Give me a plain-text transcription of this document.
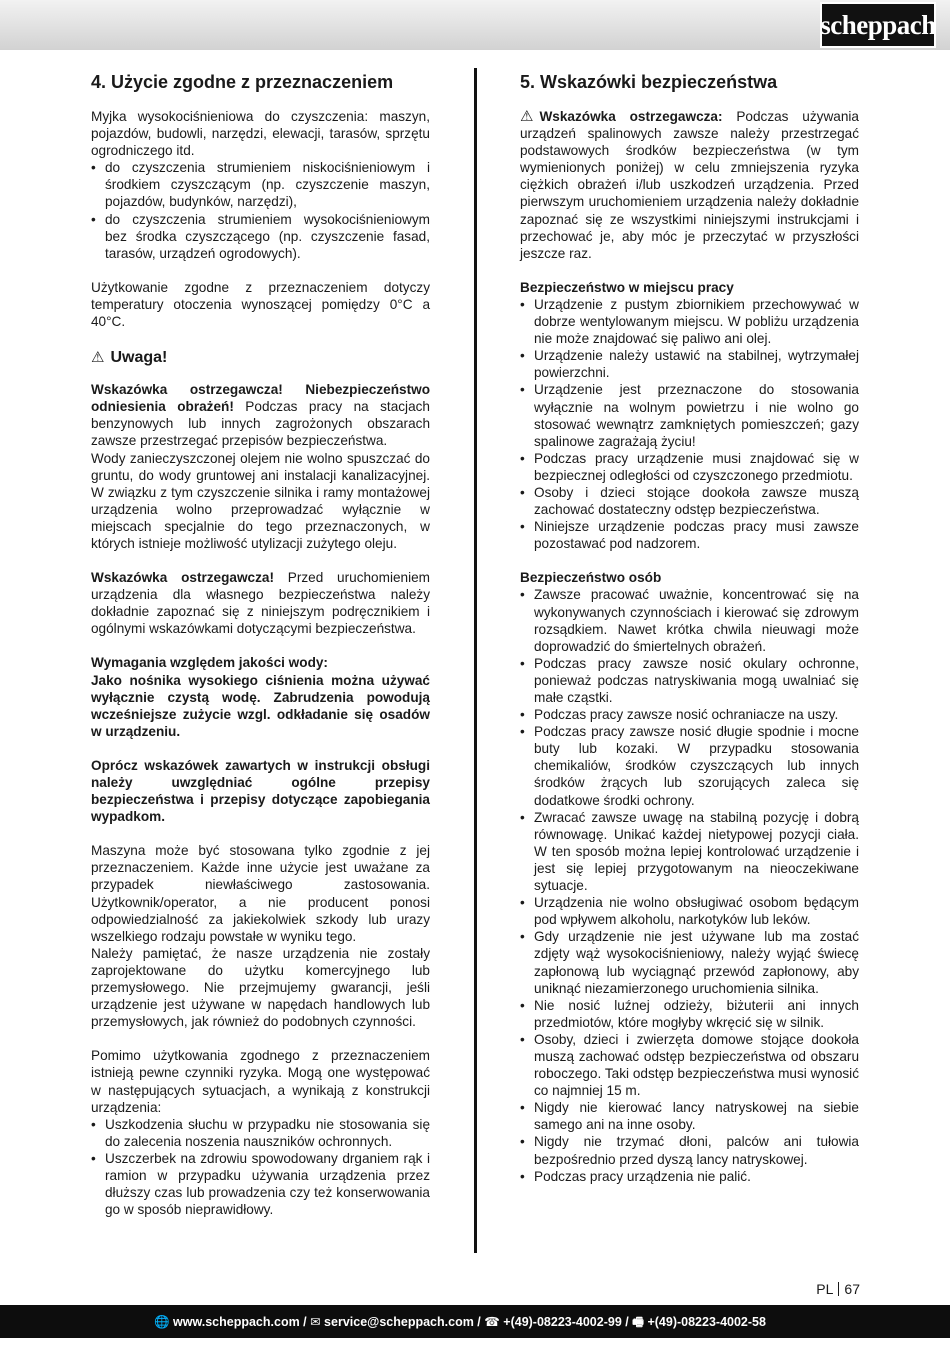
scheppach
4. Użycie zgodne z przeznaczeniem

Myjka wysokociśnieniowa do czyszczenia: maszyn, pojazdów, budowli, narzędzi, elewacji, tarasów, sprzętu ogrodniczego itd.

• do czyszczenia strumieniem niskociśnieniowym i środkiem czyszczącym (np. czyszczenie maszyn, pojazdów, budynków, narzędzi),
• do czyszczenia strumieniem wysokociśnieniowym bez środka czyszczącego (np. czyszczenie fasad, tarasów, urządzeń ogrodowych).

Użytkowanie zgodne z przeznaczeniem dotyczy temperatury otoczenia wynoszącej pomiędzy 0°C a 40°C.

⚠ Uwaga!

Wskazówka ostrzegawcza! Niebezpieczeństwo odniesienia obrażeń! Podczas pracy na stacjach benzynowych lub innych zagrożonych obszarach zawsze przestrzegać przepisów bezpieczeństwa.

Wody zanieczyszczonej olejem nie wolno spuszczać do gruntu, do wody gruntowej ani instalacji kanalizacyjnej. W związku z tym czyszczenie silnika i ramy montażowej urządzenia wolno przeprowadzać wyłącznie w miejscach specjalnie do tego przeznaczonych, w których istnieje możliwość utylizacji zużytego oleju.

Wskazówka ostrzegawcza! Przed uruchomieniem urządzenia dla własnego bezpieczeństwa należy dokładnie zapoznać się z niniejszym podręcznikiem i ogólnymi wskazówkami dotyczącymi bezpieczeństwa.

Wymagania względem jakości wody:

Jako nośnika wysokiego ciśnienia można używać wyłącznie czystą wodę. Zabrudzenia powodują wcześniejsze zużycie wzgl. odkładanie się osadów w urządzeniu.

Oprócz wskazówek zawartych w instrukcji obsługi należy uwzględniać ogólne przepisy bezpieczeństwa i przepisy dotyczące zapobiegania wypadkom.

Maszyna może być stosowana tylko zgodnie z jej przeznaczeniem. Każde inne użycie jest uważane za przypadek niewłaściwego zastosowania. Użytkownik/operator, a nie producent ponosi odpowiedzialność za jakiekolwiek szkody lub urazy wszelkiego rodzaju powstałe w wyniku tego.

Należy pamiętać, że nasze urządzenia nie zostały zaprojektowane do użytku komercyjnego lub przemysłowego. Nie przejmujemy gwarancji, jeśli urządzenie jest używane w napędach handlowych lub przemysłowych, jak również do podobnych czynności.

Pomimo użytkowania zgodnego z przeznaczeniem istnieją pewne czynniki ryzyka. Mogą one występować w następujących sytuacjach, a wynikają z konstrukcji urządzenia:

• Uszkodzenia słuchu w przypadku nie stosowania się do zalecenia noszenia nauszników ochronnych.
• Uszczerbek na zdrowiu spowodowany drganiem rąk i ramion w przypadku używania urządzenia przez dłuższy czas lub prowadzenia czy też konserwowania go w sposób nieprawidłowy.
5. Wskazówki bezpieczeństwa

⚠ Wskazówka ostrzegawcza: Podczas używania urządzeń spalinowych zawsze należy przestrzegać podstawowych środków bezpieczeństwa (w tym wymienionych poniżej) w celu zmniejszenia ryzyka ciężkich obrażeń i/lub uszkodzeń urządzenia. Przed pierwszym uruchomieniem urządzenia należy dokładnie zapoznać się ze wszystkimi niniejszymi instrukcjami i przechować je, aby móc je przeczytać w przyszłości jeszcze raz.

Bezpieczeństwo w miejscu pracy

• Urządzenie z pustym zbiornikiem przechowywać w dobrze wentylowanym miejscu. W pobliżu urządzenia nie może znajdować się paliwo ani olej.
• Urządzenie należy ustawić na stabilnej, wytrzymałej powierzchni.
• Urządzenie jest przeznaczone do stosowania wyłącznie na wolnym powietrzu i nie wolno go stosować wewnątrz zamkniętych pomieszczeń; gazy spalinowe zagrażają życiu!
• Podczas pracy urządzenie musi znajdować się w bezpiecznej odległości od czyszczonego przedmiotu.
• Osoby i dzieci stojące dookoła zawsze muszą zachować dostateczny odstęp bezpieczeństwa.
• Niniejsze urządzenie podczas pracy musi zawsze pozostawać pod nadzorem.

Bezpieczeństwo osób

• Zawsze pracować uważnie, koncentrować się na wykonywanych czynnościach i kierować się zdrowym rozsądkiem. Nawet krótka chwila nieuwagi może doprowadzić do śmiertelnych obrażeń.
• Podczas pracy zawsze nosić okulary ochronne, ponieważ podczas natryskiwania mogą uwalniać się małe cząstki.
• Podczas pracy zawsze nosić ochraniacze na uszy.
• Podczas pracy zawsze nosić długie spodnie i mocne buty lub kozaki. W przypadku stosowania chemikaliów, środków czyszczących lub innych środków żrących lub szorujących zaleca się dodatkowe środki ochrony.
• Zwracać zawsze uwagę na stabilną pozycję i dobrą równowagę. Unikać każdej nietypowej pozycji ciała. W ten sposób można lepiej kontrolować urządzenie i jest się lepiej przygotowanym na nieoczekiwane sytuacje.
• Urządzenia nie wolno obsługiwać osobom będącym pod wpływem alkoholu, narkotyków lub leków.
• Gdy urządzenie nie jest używane lub ma zostać zdjęty wąż wysokociśnieniowy, należy wyjąć świecę zapłonową lub wyciągnąć przewód zapłonowy, aby uniknąć niezamierzonego uruchomienia silnika.
• Nie nosić luźnej odzieży, biżuterii ani innych przedmiotów, które mogłyby wkręcić się w silnik.
• Osoby, dzieci i zwierzęta domowe stojące dookoła muszą zachować odstęp bezpieczeństwa od obszaru roboczego. Taki odstęp bezpieczeństwa musi wynosić co najmniej 15 m.
• Nigdy nie kierować lancy natryskowej na siebie samego ani na inne osoby.
• Nigdy nie trzymać dłoni, palców ani tułowia bezpośrednio przed dyszą lancy natryskowej.
• Podczas pracy urządzenia nie palić.
PL 67
🌐 www.scheppach.com / ✉ service@scheppach.com / ☎ +(49)-08223-4002-99 / 🖷 +(49)-08223-4002-58
